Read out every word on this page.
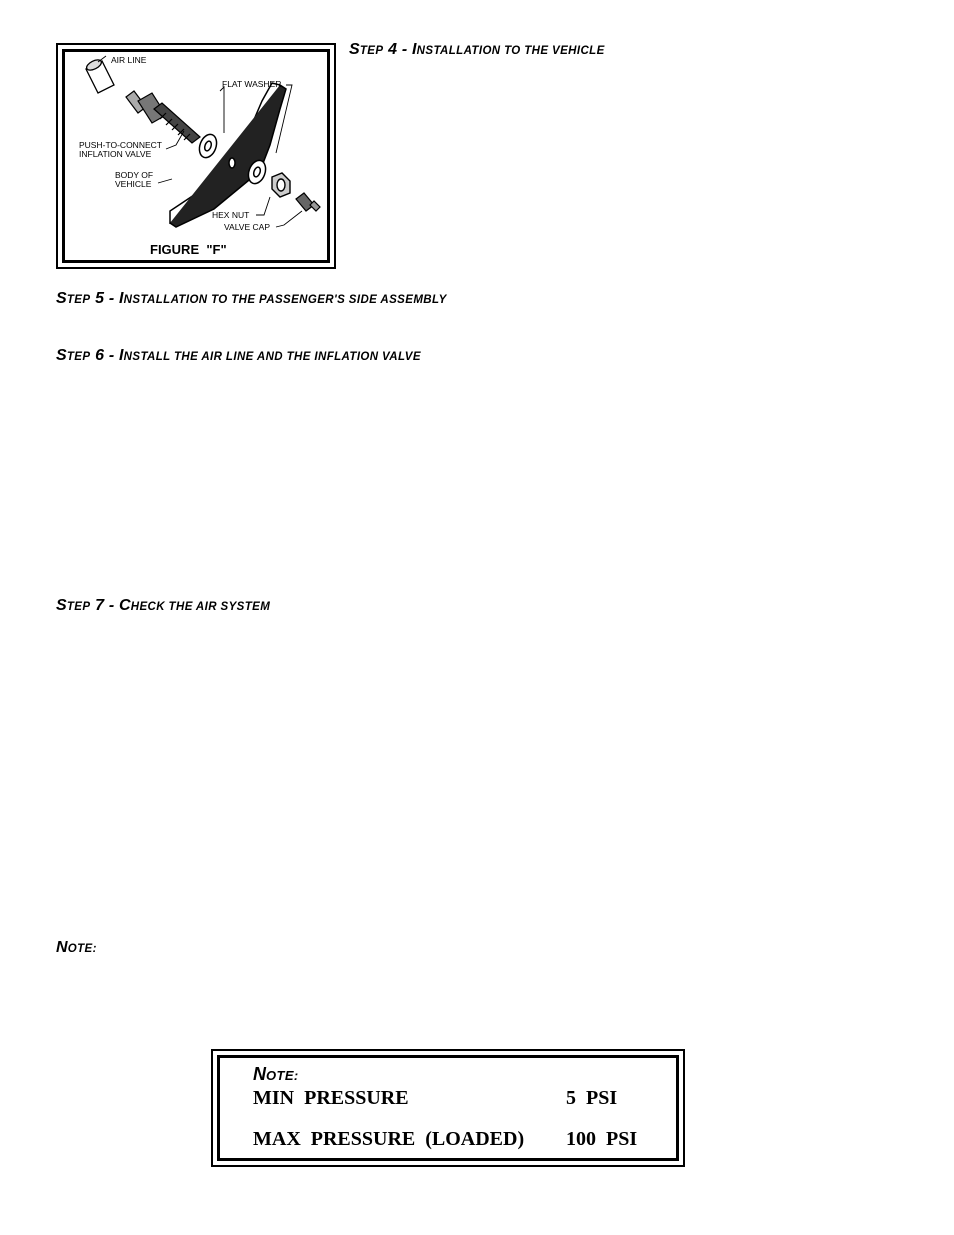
AIR LINE
FLAT WASHER
PUSH-TO-CONNECT
INFLATION VALVE
BODY OF
VEHICLE
HEX NUT
VALVE CAP
FIGURE  "F"
STEP 4 - INSTALLATION TO THE VEHICLE
STEP 5 - INSTALLATION TO THE PASSENGER'S SIDE ASSEMBLY
STEP 6 - INSTALL THE AIR LINE AND THE INFLATION VALVE
STEP 7 - CHECK THE AIR SYSTEM
NOTE:
NOTE:
MIN  PRESSURE	5  PSI
MAX  PRESSURE  (LOADED) 100  PSI
